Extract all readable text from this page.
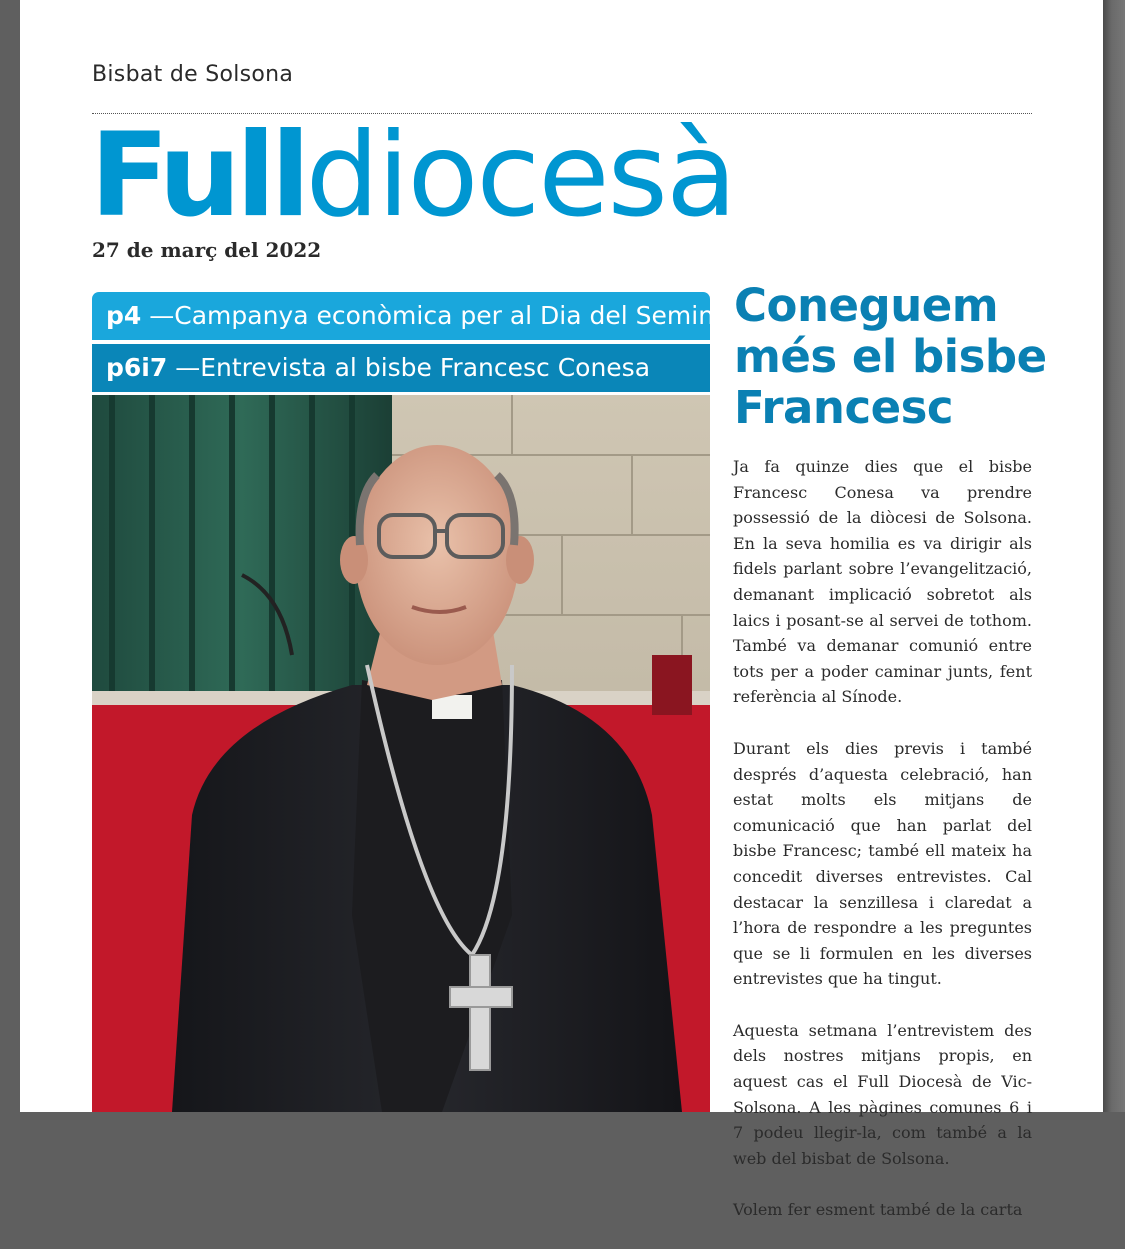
Bisbat de Solsona
Fulldiocesà
27 de març del 2022
p4 —Campanya econòmica per al Dia del Seminari
p6i7 —Entrevista al bisbe Francesc Conesa
Coneguem més el bisbe Francesc

Ja fa quinze dies que el bisbe Francesc Conesa va prendre possessió de la diòcesi de Solsona. En la seva homilia es va dirigir als fidels parlant sobre l’evangelització, demanant implicació sobretot als laics i posant-se al servei de tothom. També va demanar comunió entre tots per a poder caminar junts, fent referència al Sínode.

Durant els dies previs i també després d’aquesta celebració, han estat molts els mitjans de comunicació que han parlat del bisbe Francesc; també ell mateix ha concedit diverses entrevistes. Cal destacar la senzillesa i claredat a l’hora de respondre a les preguntes que se li formulen en les diverses entrevistes que ha tingut.

Aquesta setmana l’entrevistem des dels nostres mitjans propis, en aquest cas el Full Diocesà de Vic-Solsona. A les pàgines comunes 6 i 7 podeu llegir-la, com també a la web del bisbat de Solsona.

Volem fer esment també de la carta
